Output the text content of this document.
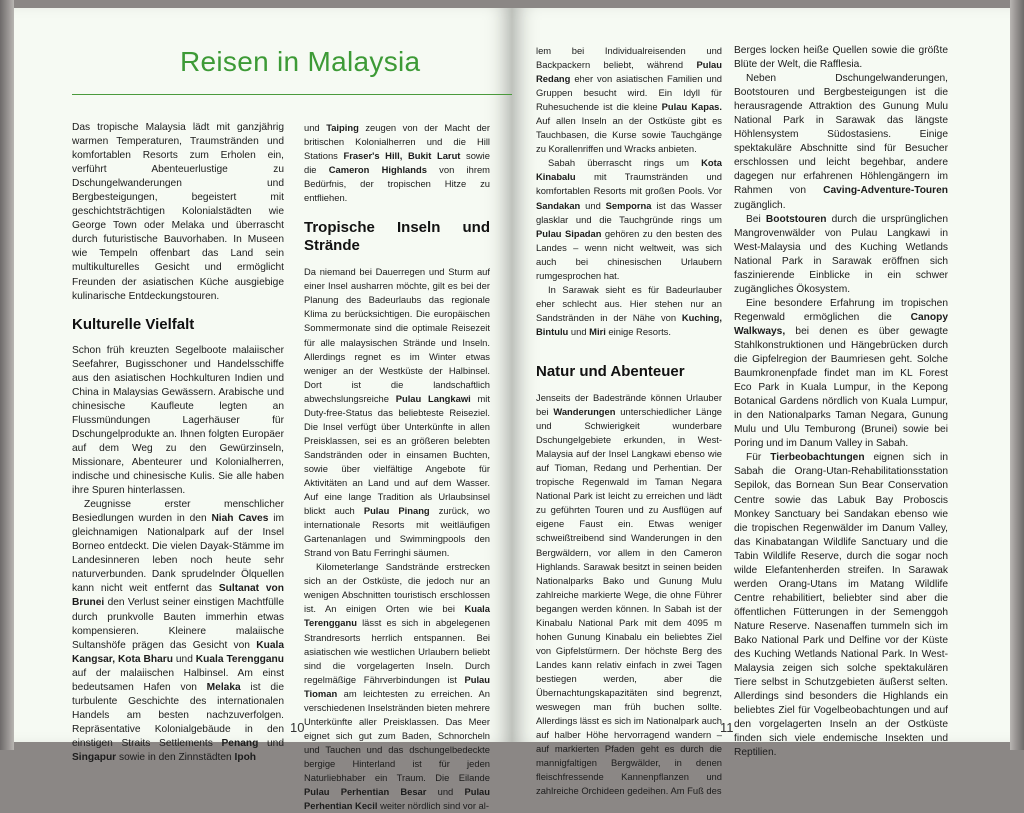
Reisen in Malaysia

Das tropische Malaysia lädt mit ganzjährig warmen Temperaturen, Traumstränden und komfortablen Resorts zum Erholen ein, verführt Abenteuerlustige zu Dschungelwanderungen und Bergbesteigungen, begeistert mit geschichtsträchtigen Kolonialstädten wie George Town oder Melaka und überrascht durch futuristische Bauvorhaben. In Museen wie Tempeln offenbart das Land sein multikulturelles Gesicht und ermöglicht Freunden der asiatischen Küche ausgiebige kulinarische Entdeckungstouren.

Kulturelle Vielfalt

Schon früh kreuzten Segelboote malaiischer Seefahrer, Bugisschoner und Handelsschiffe aus den asiatischen Hochkulturen Indien und China in Malaysias Gewässern. Arabische und chinesische Kaufleute legten an Flussmündungen Lagerhäuser für Dschungelprodukte an. Ihnen folgten Europäer auf dem Weg zu den Gewürzinseln, Missionare, Abenteurer und Kolonialherren, indische und chinesische Kulis. Sie alle haben ihre Spuren hinterlassen.

Zeugnisse erster menschlicher Besiedlungen wurden in den Niah Caves im gleichnamigen Nationalpark auf der Insel Borneo entdeckt. Die vielen Dayak-Stämme im Landesinneren leben noch heute sehr naturverbunden. Dank sprudelnder Ölquellen kann nicht weit entfernt das Sultanat von Brunei den Verlust seiner einstigen Machtfülle durch prunkvolle Bauten immerhin etwas kompensieren. Kleinere malaiische Sultanshöfe prägen das Gesicht von Kuala Kangsar, Kota Bharu und Kuala Terengganu auf der malaiischen Halbinsel. Am einst bedeutsamen Hafen von Melaka ist die turbulente Geschichte des internationalen Handels am besten nachzuverfolgen. Repräsentative Kolonialgebäude in den einstigen Straits Settlements Penang und Singapur sowie in den Zinnstädten Ipoh

und Taiping zeugen von der Macht der britischen Kolonialherren und die Hill Stations Fraser's Hill, Bukit Larut sowie die Cameron Highlands von ihrem Bedürfnis, der tropischen Hitze zu entfliehen.

Tropische Inseln und Strände

Da niemand bei Dauerregen und Sturm auf einer Insel ausharren möchte, gilt es bei der Planung des Badeurlaubs das regionale Klima zu berücksichtigen. Die europäischen Sommermonate sind die optimale Reisezeit für alle malaysischen Strände und Inseln. Allerdings regnet es im Winter etwas weniger an der Westküste der Halbinsel. Dort ist die landschaftlich abwechslungsreiche Pulau Langkawi mit Duty-free-Status das beliebteste Reiseziel. Die Insel verfügt über Unterkünfte in allen Preisklassen, sei es an größeren belebten Sandstränden oder in einsamen Buchten, sowie über vielfältige Angebote für Aktivitäten an Land und auf dem Wasser. Auf eine lange Tradition als Urlaubsinsel blickt auch Pulau Pinang zurück, wo internationale Resorts mit weitläufigen Gartenanlagen und Swimmingpools den Strand von Batu Ferringhi säumen.

Kilometerlange Sandstrände erstrecken sich an der Ostküste, die jedoch nur an wenigen Abschnitten touristisch erschlossen ist. An einigen Orten wie bei Kuala Terengganu lässt es sich in abgelegenen Strandresorts herrlich entspannen. Bei asiatischen wie westlichen Urlaubern beliebt sind die vorgelagerten Inseln. Durch regelmäßige Fährverbindungen ist Pulau Tioman am leichtesten zu erreichen. An verschiedenen Inselstränden bieten mehrere Unterkünfte aller Preisklassen. Das Meer eignet sich gut zum Baden, Schnorcheln und Tauchen und das dschungelbedeckte bergige Hinterland ist für jeden Naturliebhaber ein Traum. Die Eilande Pulau Perhentian Besar und Pulau Perhentian Kecil weiter nördlich sind vor al-

10

lem bei Individualreisenden und Backpackern beliebt, während Pulau Redang eher von asiatischen Familien und Gruppen besucht wird. Ein Idyll für Ruhesuchende ist die kleine Pulau Kapas. Auf allen Inseln an der Ostküste gibt es Tauchbasen, die Kurse sowie Tauchgänge zu Korallenriffen und Wracks anbieten.

Sabah überrascht rings um Kota Kinabalu mit Traumstränden und komfortablen Resorts mit großen Pools. Vor Sandakan und Semporna ist das Wasser glasklar und die Tauchgründe rings um Pulau Sipadan gehören zu den besten des Landes – wenn nicht weltweit, was sich auch bei chinesischen Urlaubern rumgesprochen hat.

In Sarawak sieht es für Badeurlauber eher schlecht aus. Hier stehen nur an Sandstränden in der Nähe von Kuching, Bintulu und Miri einige Resorts.

Natur und Abenteuer

Jenseits der Badestrände können Urlauber bei Wanderungen unterschiedlicher Länge und Schwierigkeit wunderbare Dschungelgebiete erkunden, in West-Malaysia auf der Insel Langkawi ebenso wie auf Tioman, Redang und Perhentian. Der tropische Regenwald im Taman Negara National Park ist leicht zu erreichen und lädt zu geführten Touren und zu Ausflügen auf eigene Faust ein. Etwas weniger schweißtreibend sind Wanderungen in den Bergwäldern, vor allem in den Cameron Highlands. Sarawak besitzt in seinen beiden Nationalparks Bako und Gunung Mulu zahlreiche markierte Wege, die ohne Führer begangen werden können. In Sabah ist der Kinabalu National Park mit dem 4095 m hohen Gunung Kinabalu ein beliebtes Ziel von Gipfelstürmern. Der höchste Berg des Landes kann relativ einfach in zwei Tagen bestiegen werden, aber die Übernachtungskapazitäten sind begrenzt, weswegen man früh buchen sollte. Allerdings lässt es sich im Nationalpark auch auf halber Höhe hervorragend wandern – auf markierten Pfaden geht es durch die mannigfaltigen Bergwälder, in denen fleischfressende Kannenpflanzen und zahlreiche Orchideen gedeihen. Am Fuß des

Berges locken heiße Quellen sowie die größte Blüte der Welt, die Rafflesia.

Neben Dschungelwanderungen, Bootstouren und Bergbesteigungen ist die herausragende Attraktion des Gunung Mulu National Park in Sarawak das längste Höhlensystem Südostasiens. Einige spektakuläre Abschnitte sind für Besucher erschlossen und leicht begehbar, andere dagegen nur erfahrenen Höhlengängern im Rahmen von Caving-Adventure-Touren zugänglich.

Bei Bootstouren durch die ursprünglichen Mangrovenwälder von Pulau Langkawi in West-Malaysia und des Kuching Wetlands National Park in Sarawak eröffnen sich faszinierende Einblicke in ein schwer zugängliches Ökosystem.

Eine besondere Erfahrung im tropischen Regenwald ermöglichen die Canopy Walkways, bei denen es über gewagte Stahlkonstruktionen und Hängebrücken durch die Gipfelregion der Baumriesen geht. Solche Baumkronenpfade findet man im KL Forest Eco Park in Kuala Lumpur, in the Kepong Botanical Gardens nördlich von Kuala Lumpur, in den Nationalparks Taman Negara, Gunung Mulu und Ulu Temburong (Brunei) sowie bei Poring und im Danum Valley in Sabah.

Für Tierbeobachtungen eignen sich in Sabah die Orang-Utan-Rehabilitationsstation Sepilok, das Bornean Sun Bear Conservation Centre sowie das Labuk Bay Proboscis Monkey Sanctuary bei Sandakan ebenso wie die tropischen Regenwälder im Danum Valley, das Kinabatangan Wildlife Sanctuary und die Tabin Wildlife Reserve, durch die sogar noch wilde Elefantenherden streifen. In Sarawak werden Orang-Utans im Matang Wildlife Centre rehabilitiert, beliebter sind aber die öffentlichen Fütterungen in der Semenggoh Nature Reserve. Nasenaffen tummeln sich im Bako National Park und Delfine vor der Küste des Kuching Wetlands National Park. In West-Malaysia zeigen sich solche spektakulären Tiere selbst in Schutzgebieten äußerst selten. Allerdings sind besonders die Highlands ein beliebtes Ziel für Vogelbeobachtungen und auf den vorgelagerten Inseln an der Ostküste finden sich viele endemische Insekten und Reptilien.

11
